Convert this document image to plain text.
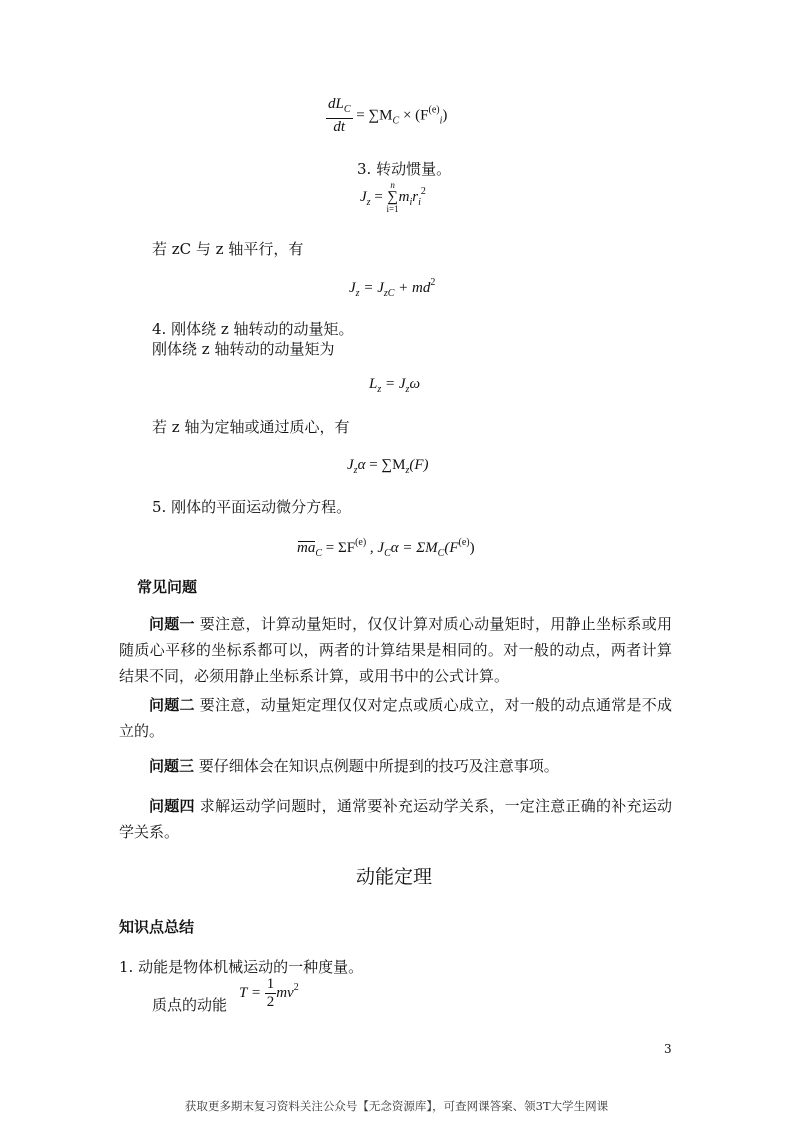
$\frac{dL_C}{dt} = \sum M_C \times (F^{(e)}_i)$
3. 转动惯量。
$J_z$ =
n
∑
i=1
$m_ir_i^2$
若 zC 与 z 轴平行，有
$J_z = J_{zC} + md^2$
4. 刚体绕 z 轴转动的动量矩。
刚体绕 z 轴转动的动量矩为
$L_z = J_z\omega$
若 z 轴为定轴或通过质心，有
$J_z\alpha = \sum M_z(F)$
5. 刚体的平面运动微分方程。
$ma_C = \Sigma F^{(e)}$ , $J_C\alpha = \Sigma M_C(F^{(e)})$
常见问题
问题一 要注意，计算动量矩时，仅仅计算对质心动量矩时，用静止坐标系或用随质心平移的坐标系都可以，两者的计算结果是相同的。对一般的动点，两者计算结果不同，必须用静止坐标系计算，或用书中的公式计算。
问题二 要注意，动量矩定理仅仅对定点或质心成立，对一般的动点通常是不成立的。
问题三 要仔细体会在知识点例题中所提到的技巧及注意事项。
问题四 求解运动学问题时，通常要补充运动学关系，一定注意正确的补充运动学关系。
动能定理
知识点总结
1. 动能是物体机械运动的一种度量。
质点的动能
$T = \frac{1}{2} mv^2$
3
获取更多期末复习资料关注公众号【无念资源库】，可查网课答案、领3T大学生网课
